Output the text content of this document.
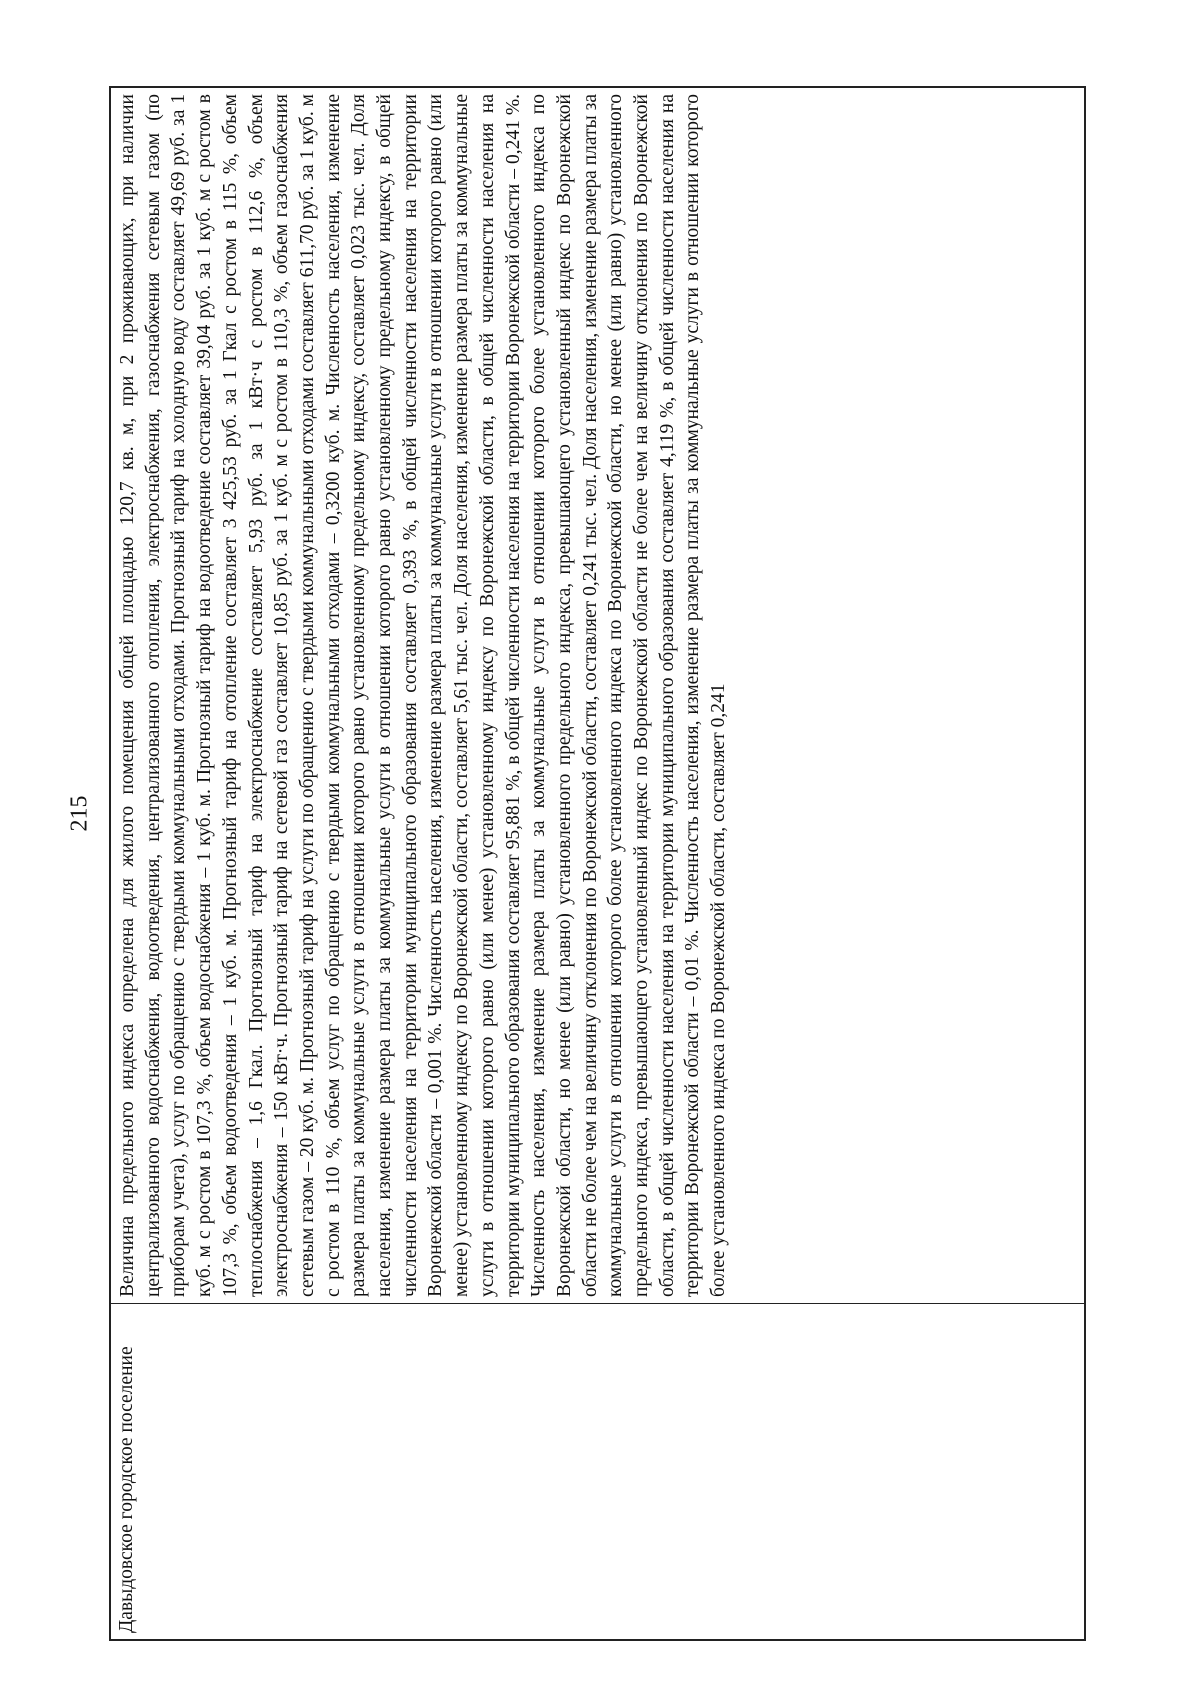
215
Давыдовское городское поселение
Величина предельного индекса определена для жилого помещения общей площадью 120,7 кв. м, при 2 проживающих, при наличии централизованного водоснабжения, водоотведения, централизованного отопления, электроснабжения, газоснабжения сетевым газом (по приборам учета), услуг по обращению с твердыми коммунальными отходами. Прогнозный тариф на холодную воду составляет 49,69 руб. за 1 куб. м с ростом в 107,3 %, объем водоснабжения – 1 куб. м. Прогнозный тариф на водоотведение составляет 39,04 руб. за 1 куб. м с ростом в 107,3 %, объем водоотведения – 1 куб. м. Прогнозный тариф на отопление составляет 3 425,53 руб. за 1 Гкал с ростом в 115 %, объем теплоснабжения – 1,6 Гкал. Прогнозный тариф на электроснабжение составляет 5,93 руб. за 1 кВт·ч с ростом в 112,6 %, объем электроснабжения – 150 кВт·ч. Прогнозный тариф на сетевой газ составляет 10,85 руб. за 1 куб. м с ростом в 110,3 %, объем газоснабжения сетевым газом – 20 куб. м. Прогнозный тариф на услуги по обращению с твердыми коммунальными отходами составляет 611,70 руб. за 1 куб. м с ростом в 110 %, объем услуг по обращению с твердыми коммунальными отходами – 0,3200 куб. м. Численность населения, изменение размера платы за коммунальные услуги в отношении которого равно установленному предельному индексу, составляет 0,023 тыс. чел. Доля населения, изменение размера платы за коммунальные услуги в отношении которого равно установленному предельному индексу, в общей численности населения на территории муниципального образования составляет 0,393 %, в общей численности населения на территории Воронежской области – 0,001 %. Численность населения, изменение размера платы за коммунальные услуги в отношении которого равно (или менее) установленному индексу по Воронежской области, составляет 5,61 тыс. чел. Доля населения, изменение размера платы за коммунальные услуги в отношении которого равно (или менее) установленному индексу по Воронежской области, в общей численности населения на территории муниципального образования составляет 95,881 %, в общей численности населения на территории Воронежской области – 0,241 %. Численность населения, изменение размера платы за коммунальные услуги в отношении которого более установленного индекса по Воронежской области, но менее (или равно) установленного предельного индекса, превышающего установленный индекс по Воронежской области не более чем на величину отклонения по Воронежской области, составляет 0,241 тыс. чел. Доля населения, изменение размера платы за коммунальные услуги в отношении которого более установленного индекса по Воронежской области, но менее (или равно) установленного предельного индекса, превышающего установленный индекс по Воронежской области не более чем на величину отклонения по Воронежской области, в общей численности населения на территории муниципального образования составляет 4,119 %, в общей численности населения на территории Воронежской области – 0,01 %. Численность населения, изменение размера платы за коммунальные услуги в отношении которого более установленного индекса по Воронежской области, составляет 0,241
